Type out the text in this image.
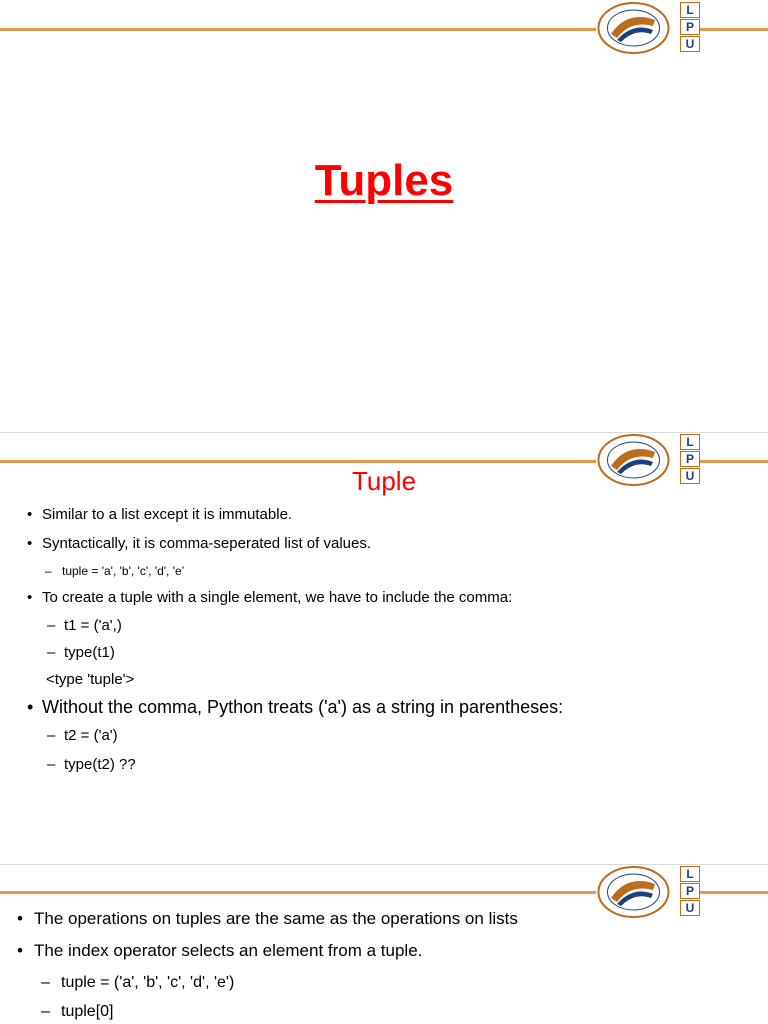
L
P
U
Tuples
L
P
U
Tuple
• Similar to a list except it is immutable.
• Syntactically, it is comma-seperated list of values.
– tuple = 'a', 'b', 'c', 'd', 'e’
• To create a tuple with a single element, we have to include the comma:
– t1 = ('a',)
– type(t1)
<type 'tuple'>
• Without the comma, Python treats ('a') as a string in parentheses:
– t2 = ('a')
– type(t2) ??
L
P
U
• The operations on tuples are the same as the operations on lists
• The index operator selects an element from a tuple.
– tuple = ('a', 'b', 'c', 'd', 'e')
– tuple[0]
